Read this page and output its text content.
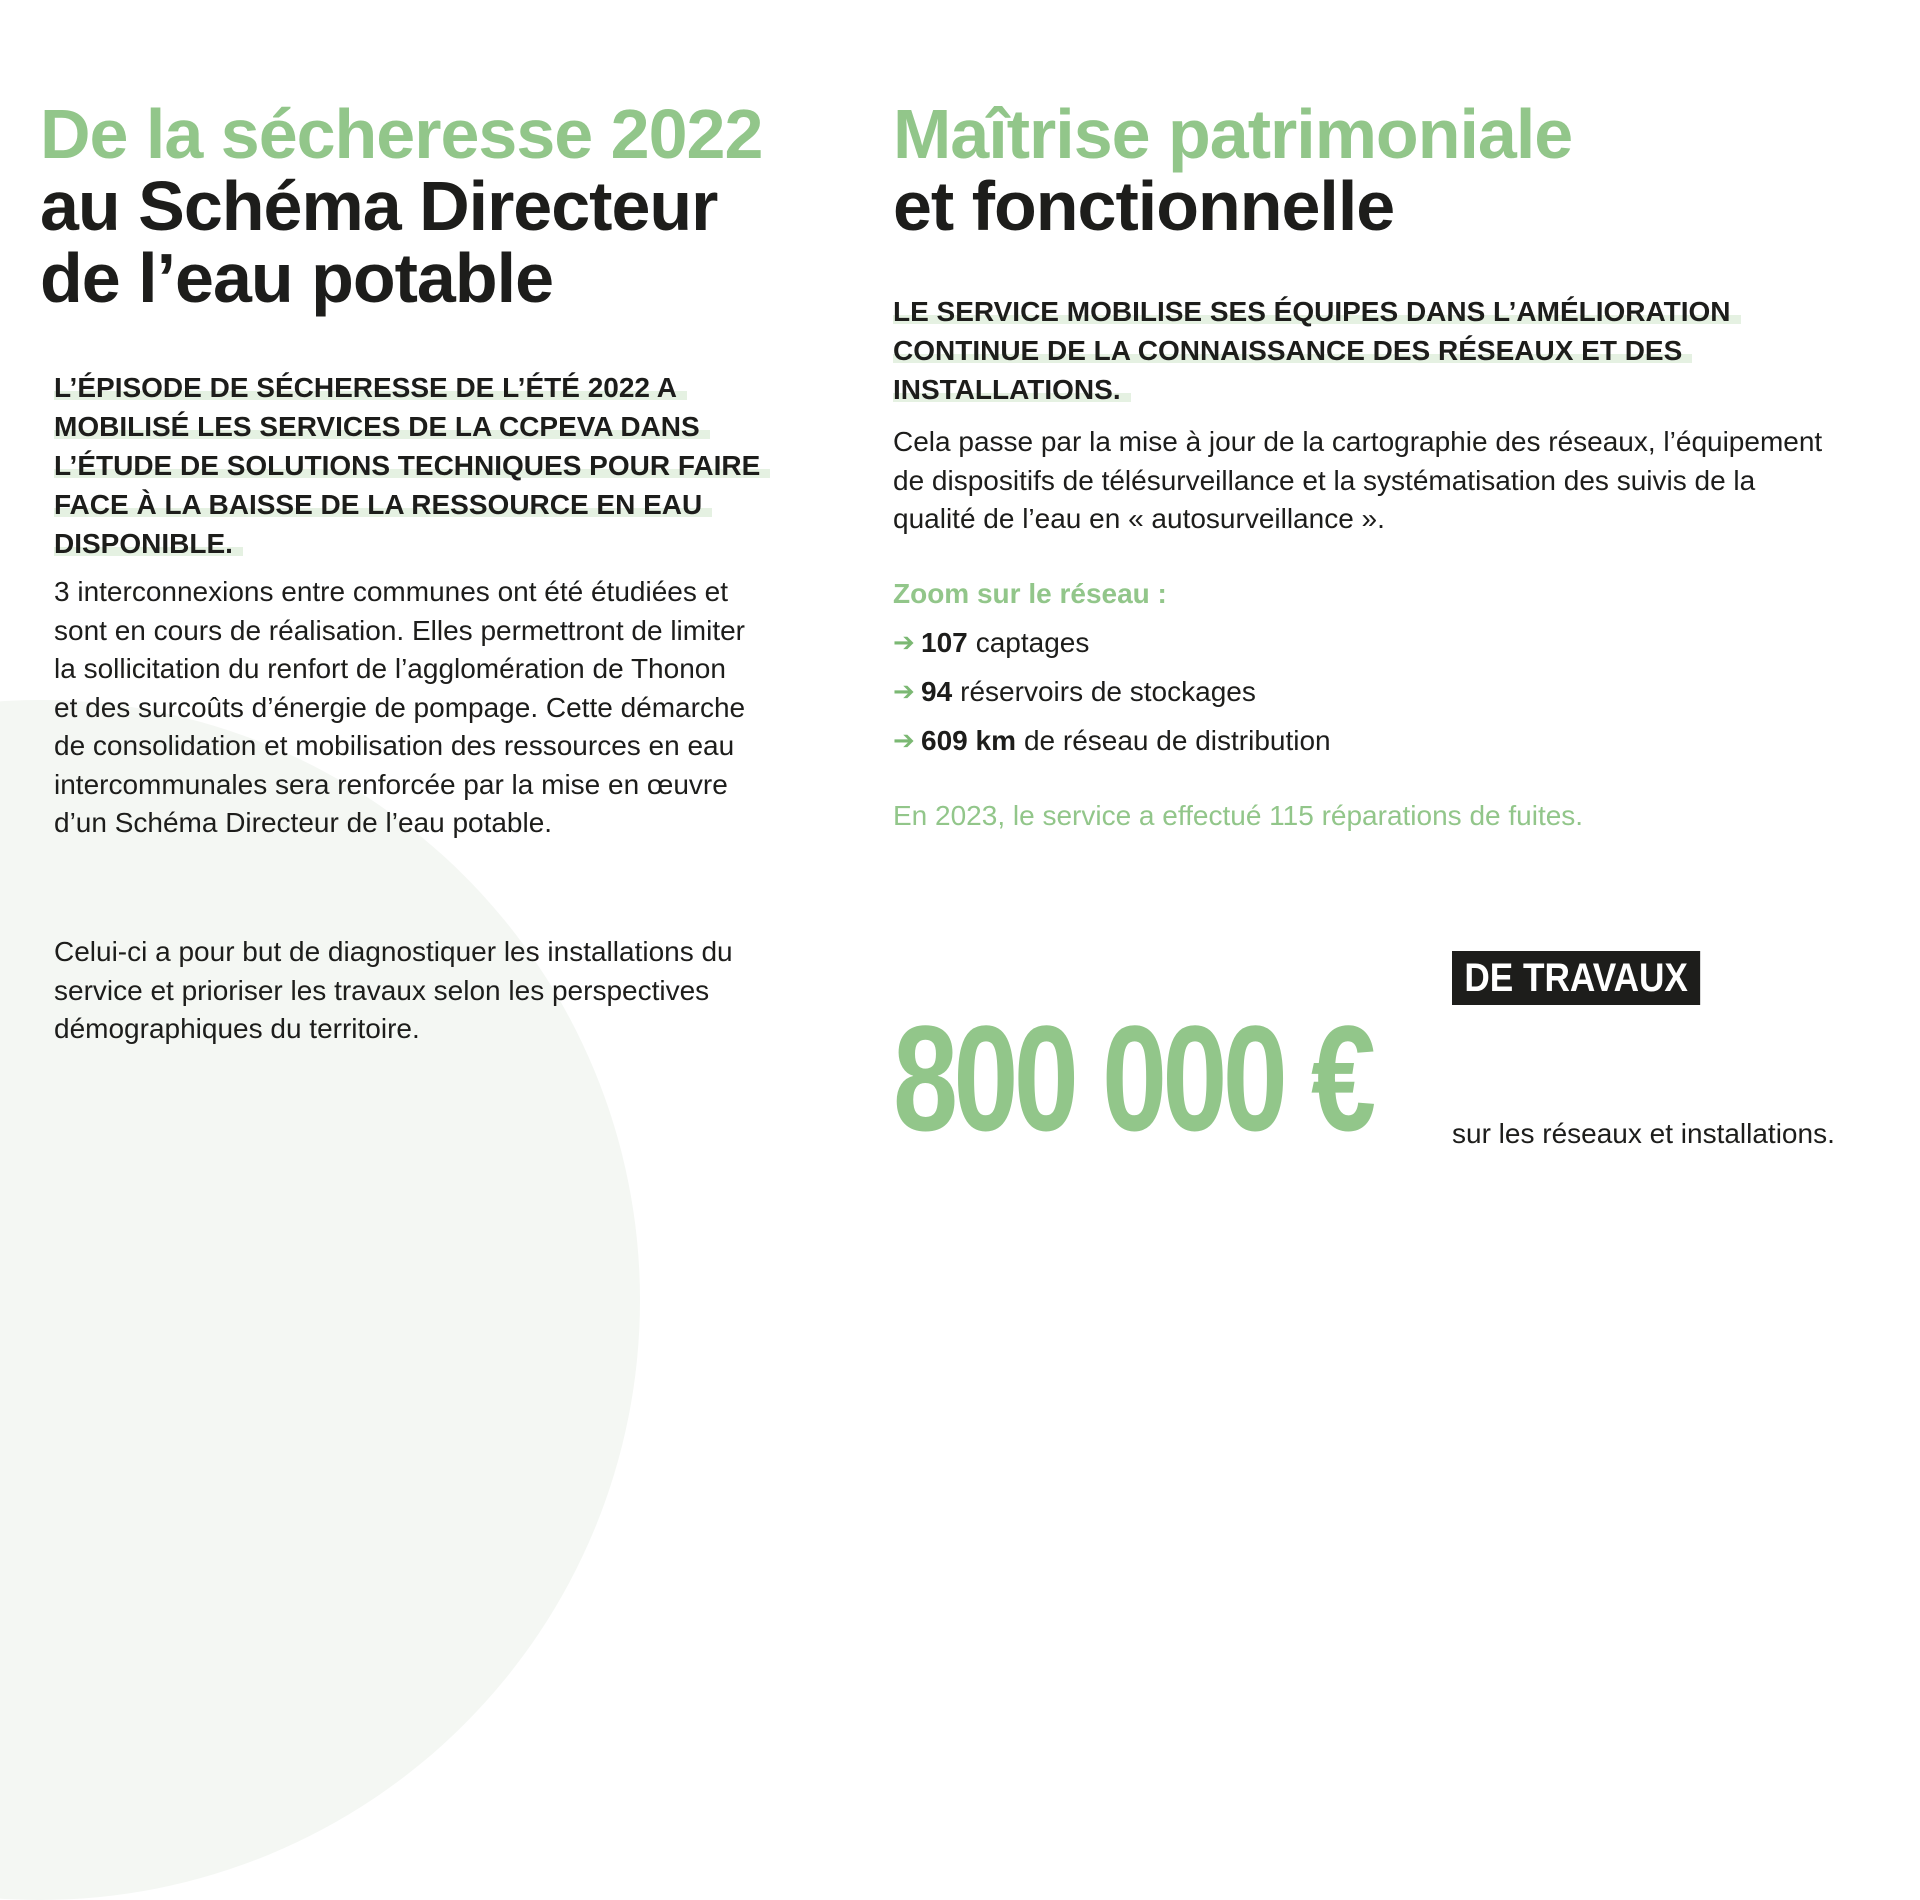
De la sécheresse 2022
au Schéma Directeur
de l’eau potable

L’ÉPISODE DE SÉCHERESSE DE L’ÉTÉ 2022 A MOBILISÉ LES SERVICES DE LA CCPEVA DANS L’ÉTUDE DE SOLUTIONS TECHNIQUES POUR FAIRE FACE À LA BAISSE DE LA RESSOURCE EN EAU DISPONIBLE.

3 interconnexions entre communes ont été étudiées et sont en cours de réalisation. Elles permettront de limiter la sollicitation du renfort de l’agglomération de Thonon et des surcoûts d’énergie de pompage. Cette démarche de consolidation et mobilisation des ressources en eau intercommunales sera renforcée par la mise en œuvre d’un Schéma Directeur de l’eau potable.

Celui-ci a pour but de diagnostiquer les installations du service et prioriser les travaux selon les perspectives démographiques du territoire.

Maîtrise patrimoniale
et fonctionnelle

LE SERVICE MOBILISE SES ÉQUIPES DANS L’AMÉLIORATION CONTINUE DE LA CONNAISSANCE DES RÉSEAUX ET DES INSTALLATIONS.

Cela passe par la mise à jour de la cartographie des réseaux, l’équipement de dispositifs de télésurveillance et la systématisation des suivis de la qualité de l’eau en « autosurveillance ».

Zoom sur le réseau :

➔ 107 captages
➔ 94 réservoirs de stockages
➔ 609 km de réseau de distribution

En 2023, le service a effectué 115 réparations de fuites.

800 000 €

DE TRAVAUX

sur les réseaux et installations.
